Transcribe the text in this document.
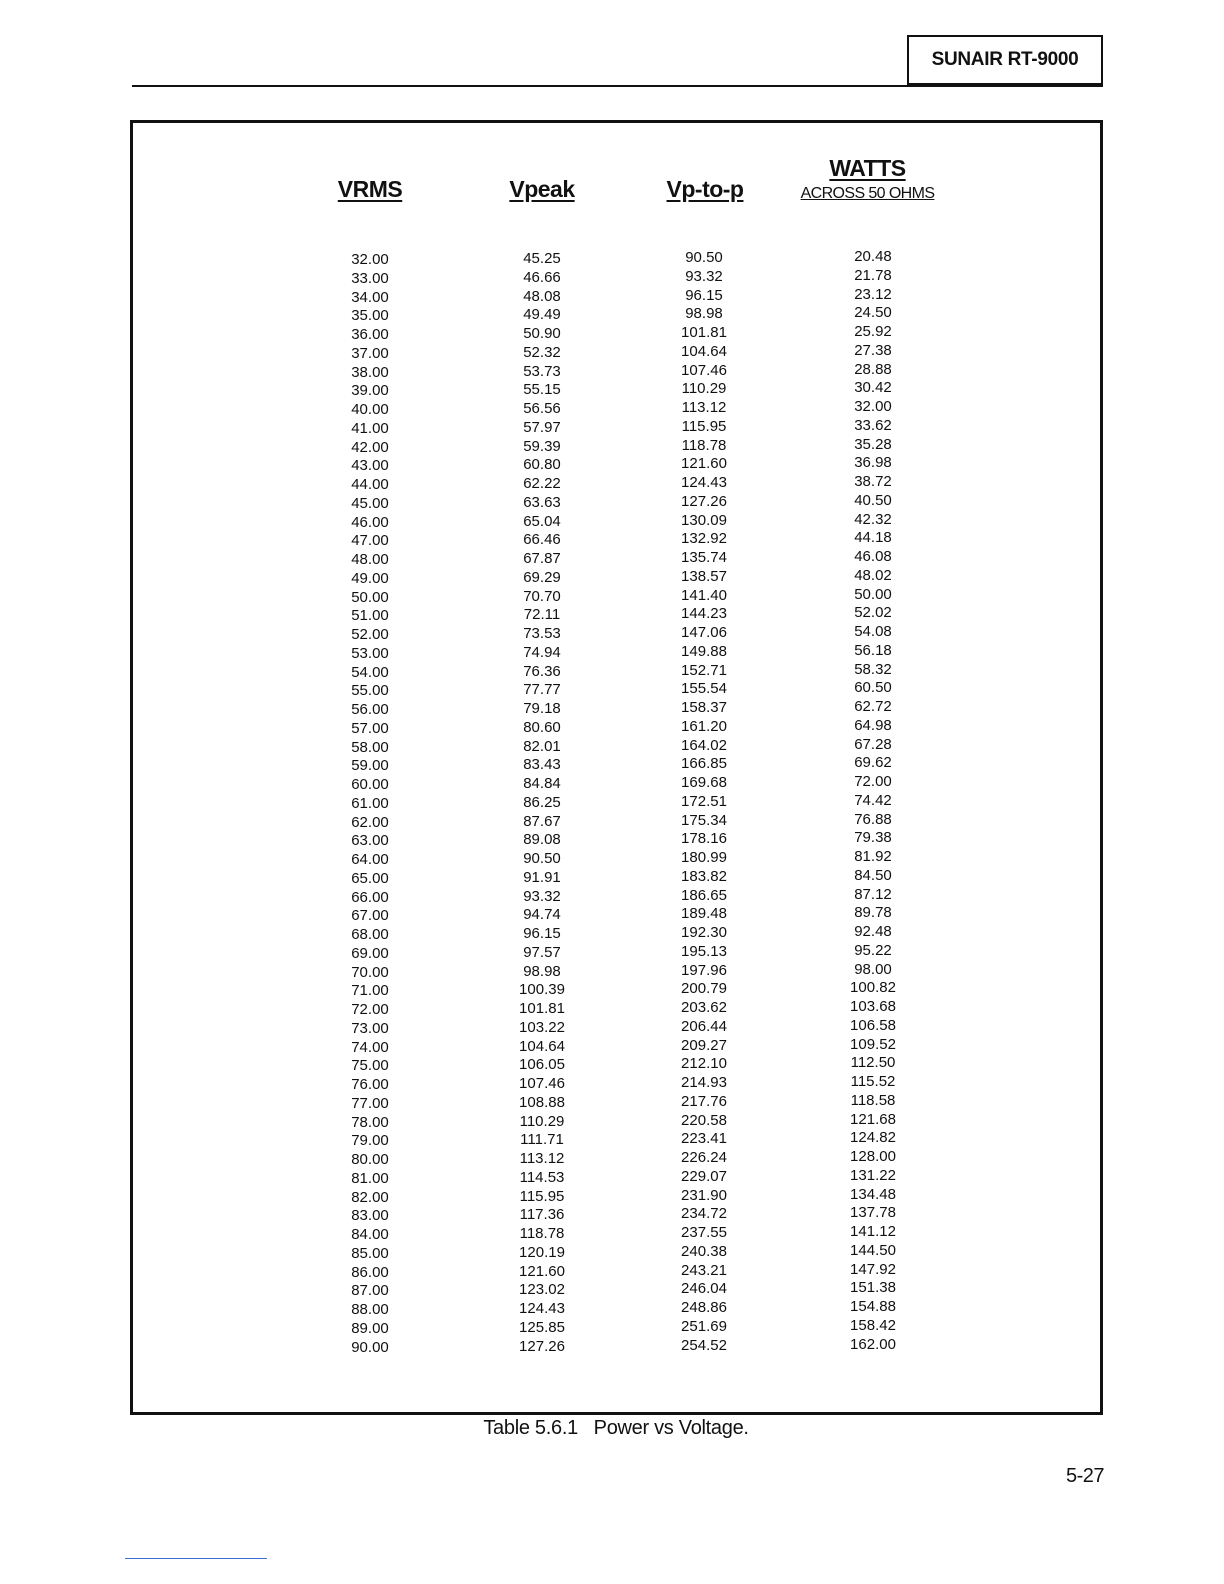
SUNAIR RT-9000
VRMS	Vpeak	Vp-to-p
WATTS
ACROSS 50 OHMS
32.00
33.00
34.00
35.00
36.00
37.00
38.00
39.00
40.00
41.00
42.00
43.00
44.00
45.00
46.00
47.00
48.00
49.00
50.00
51.00
52.00
53.00
54.00
55.00
56.00
57.00
58.00
59.00
60.00
61.00
62.00
63.00
64.00
65.00
66.00
67.00
68.00
69.00
70.00
71.00
72.00
73.00
74.00
75.00
76.00
77.00
78.00
79.00
80.00
81.00
82.00
83.00
84.00
85.00
86.00
87.00
88.00
89.00
90.00
45.25
46.66
48.08
49.49
50.90
52.32
53.73
55.15
56.56
57.97
59.39
60.80
62.22
63.63
65.04
66.46
67.87
69.29
70.70
72.11
73.53
74.94
76.36
77.77
79.18
80.60
82.01
83.43
84.84
86.25
87.67
89.08
90.50
91.91
93.32
94.74
96.15
97.57
98.98
100.39
101.81
103.22
104.64
106.05
107.46
108.88
110.29
111.71
113.12
114.53
115.95
117.36
118.78
120.19
121.60
123.02
124.43
125.85
127.26
90.50
93.32
96.15
98.98
101.81
104.64
107.46
110.29
113.12
115.95
118.78
121.60
124.43
127.26
130.09
132.92
135.74
138.57
141.40
144.23
147.06
149.88
152.71
155.54
158.37
161.20
164.02
166.85
169.68
172.51
175.34
178.16
180.99
183.82
186.65
189.48
192.30
195.13
197.96
200.79
203.62
206.44
209.27
212.10
214.93
217.76
220.58
223.41
226.24
229.07
231.90
234.72
237.55
240.38
243.21
246.04
248.86
251.69
254.52
20.48
21.78
23.12
24.50
25.92
27.38
28.88
30.42
32.00
33.62
35.28
36.98
38.72
40.50
42.32
44.18
46.08
48.02
50.00
52.02
54.08
56.18
58.32
60.50
62.72
64.98
67.28
69.62
72.00
74.42
76.88
79.38
81.92
84.50
87.12
89.78
92.48
95.22
98.00
100.82
103.68
106.58
109.52
112.50
115.52
118.58
121.68
124.82
128.00
131.22
134.48
137.78
141.12
144.50
147.92
151.38
154.88
158.42
162.00
Table 5.6.1   Power vs Voltage.
5-27
